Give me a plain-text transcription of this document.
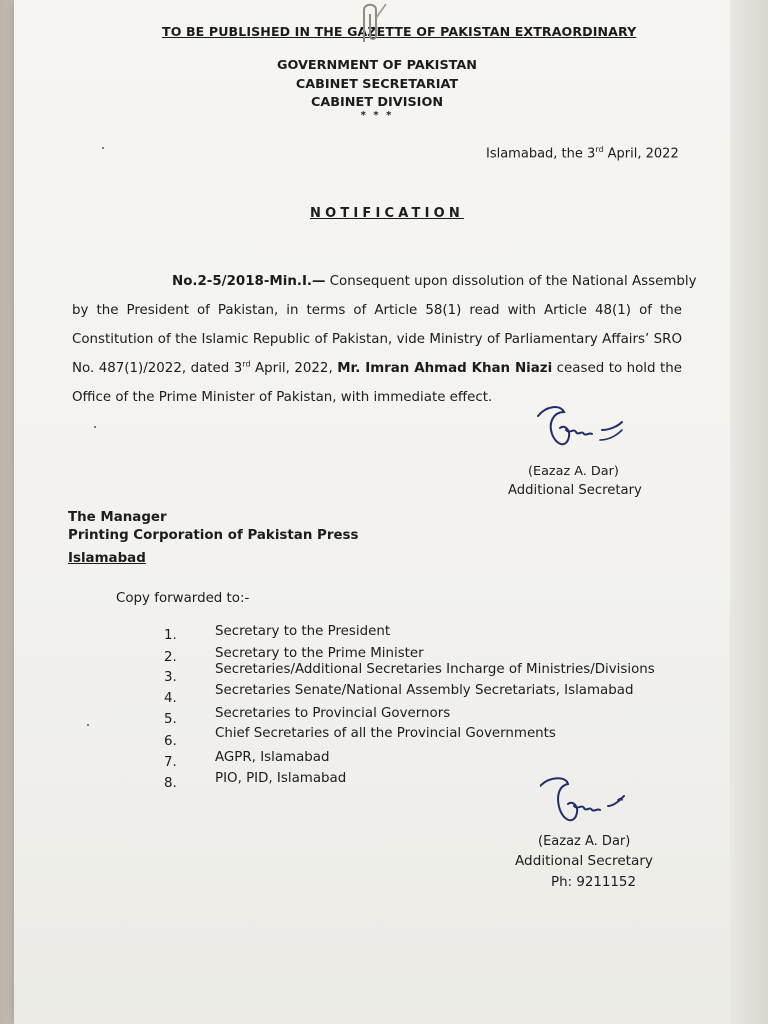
TO BE PUBLISHED IN THE GAZETTE OF PAKISTAN EXTRAORDINARY
GOVERNMENT OF PAKISTAN
CABINET SECRETARIAT
CABINET DIVISION
* * *
Islamabad, the 3rd April, 2022
NOTIFICATION
No.2-5/2018-Min.I.— Consequent upon dissolution of the National Assembly
by the President of Pakistan, in terms of Article 58(1) read with Article 48(1) of the
Constitution of the Islamic Republic of Pakistan, vide Ministry of Parliamentary Affairs’ SRO
No. 487(1)/2022, dated 3rd April, 2022, Mr. Imran Ahmad Khan Niazi ceased to hold the
Office of the Prime Minister of Pakistan, with immediate effect.
(Eazaz A. Dar)
Additional Secretary
The Manager
Printing Corporation of Pakistan Press
Islamabad
Copy forwarded to:-
1.	Secretary to the President
2.	Secretary to the Prime Minister
3.
Secretaries/Additional Secretaries Incharge of Ministries/Divisions
4.
Secretaries Senate/National Assembly Secretariats, Islamabad
5.	Secretaries to Provincial Governors
6.
Chief Secretaries of all the Provincial Governments
7.	AGPR, Islamabad
8.	PIO, PID, Islamabad
(Eazaz A. Dar)
Additional Secretary
Ph: 9211152
